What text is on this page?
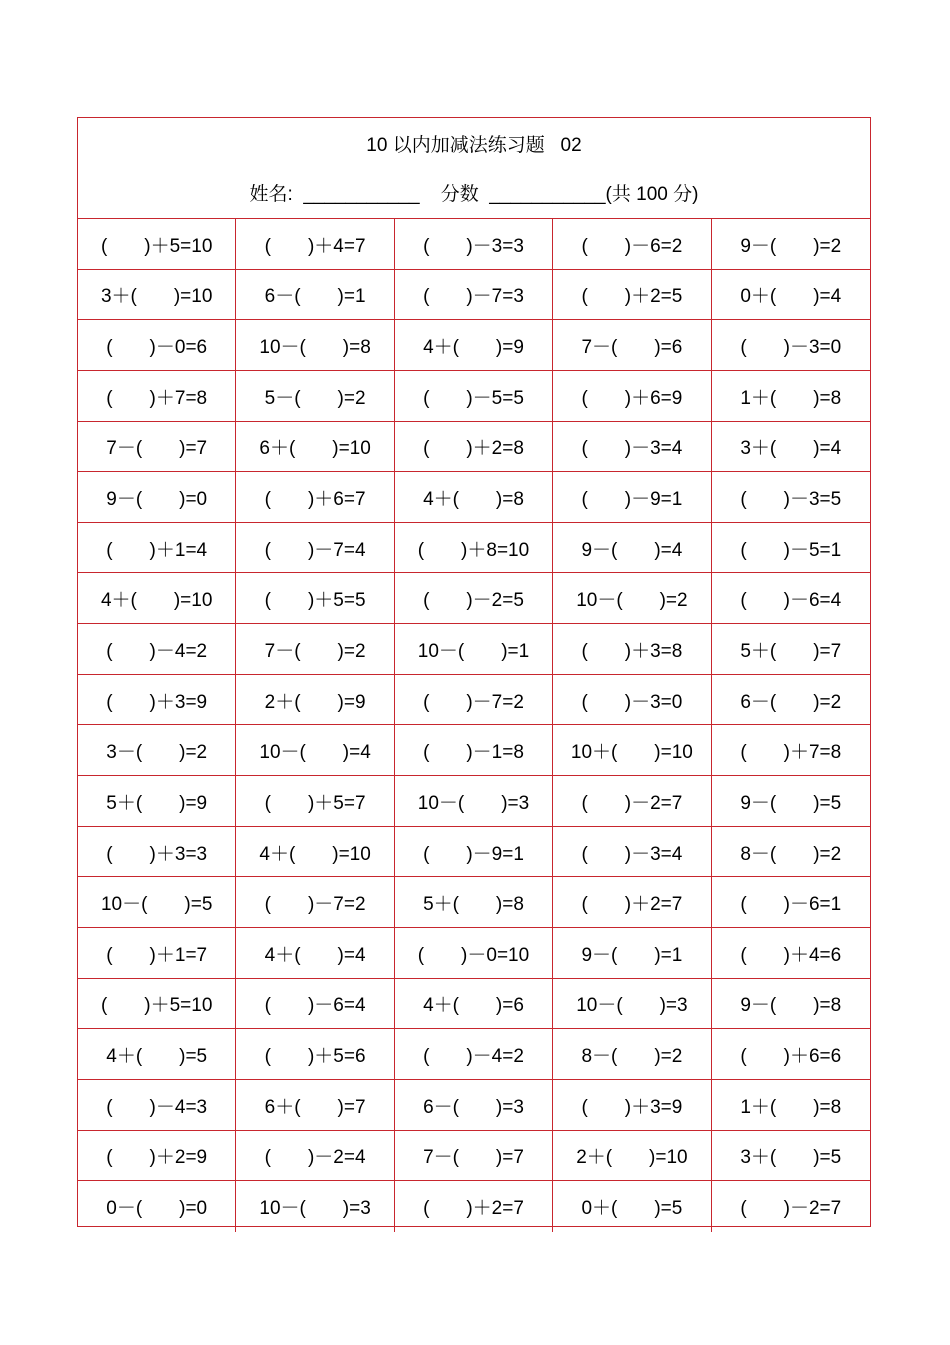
10 以内加减法练习题   02
姓名:  ___________    分数  ___________(共 100 分)
(       )＋5=10	(       )＋4=7	(       )－3=3	(       )－6=2	9－(       )=2
3＋(       )=10	6－(       )=1	(       )－7=3	(       )＋2=5	0＋(       )=4
(       )－0=6	10－(       )=8	4＋(       )=9	7－(       )=6	(       )－3=0
(       )＋7=8	5－(       )=2	(       )－5=5	(       )＋6=9	1＋(       )=8
7－(       )=7	6＋(       )=10	(       )＋2=8	(       )－3=4	3＋(       )=4
9－(       )=0	(       )＋6=7	4＋(       )=8	(       )－9=1	(       )－3=5
(       )＋1=4	(       )－7=4	(       )＋8=10	9－(       )=4	(       )－5=1
4＋(       )=10	(       )＋5=5	(       )－2=5	10－(       )=2	(       )－6=4
(       )－4=2	7－(       )=2	10－(       )=1	(       )＋3=8	5＋(       )=7
(       )＋3=9	2＋(       )=9	(       )－7=2	(       )－3=0	6－(       )=2
3－(       )=2	10－(       )=4	(       )－1=8	10＋(       )=10	(       )＋7=8
5＋(       )=9	(       )＋5=7	10－(       )=3	(       )－2=7	9－(       )=5
(       )＋3=3	4＋(       )=10	(       )－9=1	(       )－3=4	8－(       )=2
10－(       )=5	(       )－7=2	5＋(       )=8	(       )＋2=7	(       )－6=1
(       )＋1=7	4＋(       )=4	(       )－0=10	9－(       )=1	(       )＋4=6
(       )＋5=10	(       )－6=4	4＋(       )=6	10－(       )=3	9－(       )=8
4＋(       )=5	(       )＋5=6	(       )－4=2	8－(       )=2	(       )＋6=6
(       )－4=3	6＋(       )=7	6－(       )=3	(       )＋3=9	1＋(       )=8
(       )＋2=9	(       )－2=4	7－(       )=7	2＋(       )=10	3＋(       )=5
0－(       )=0	10－(       )=3	(       )＋2=7	0＋(       )=5	(       )－2=7
